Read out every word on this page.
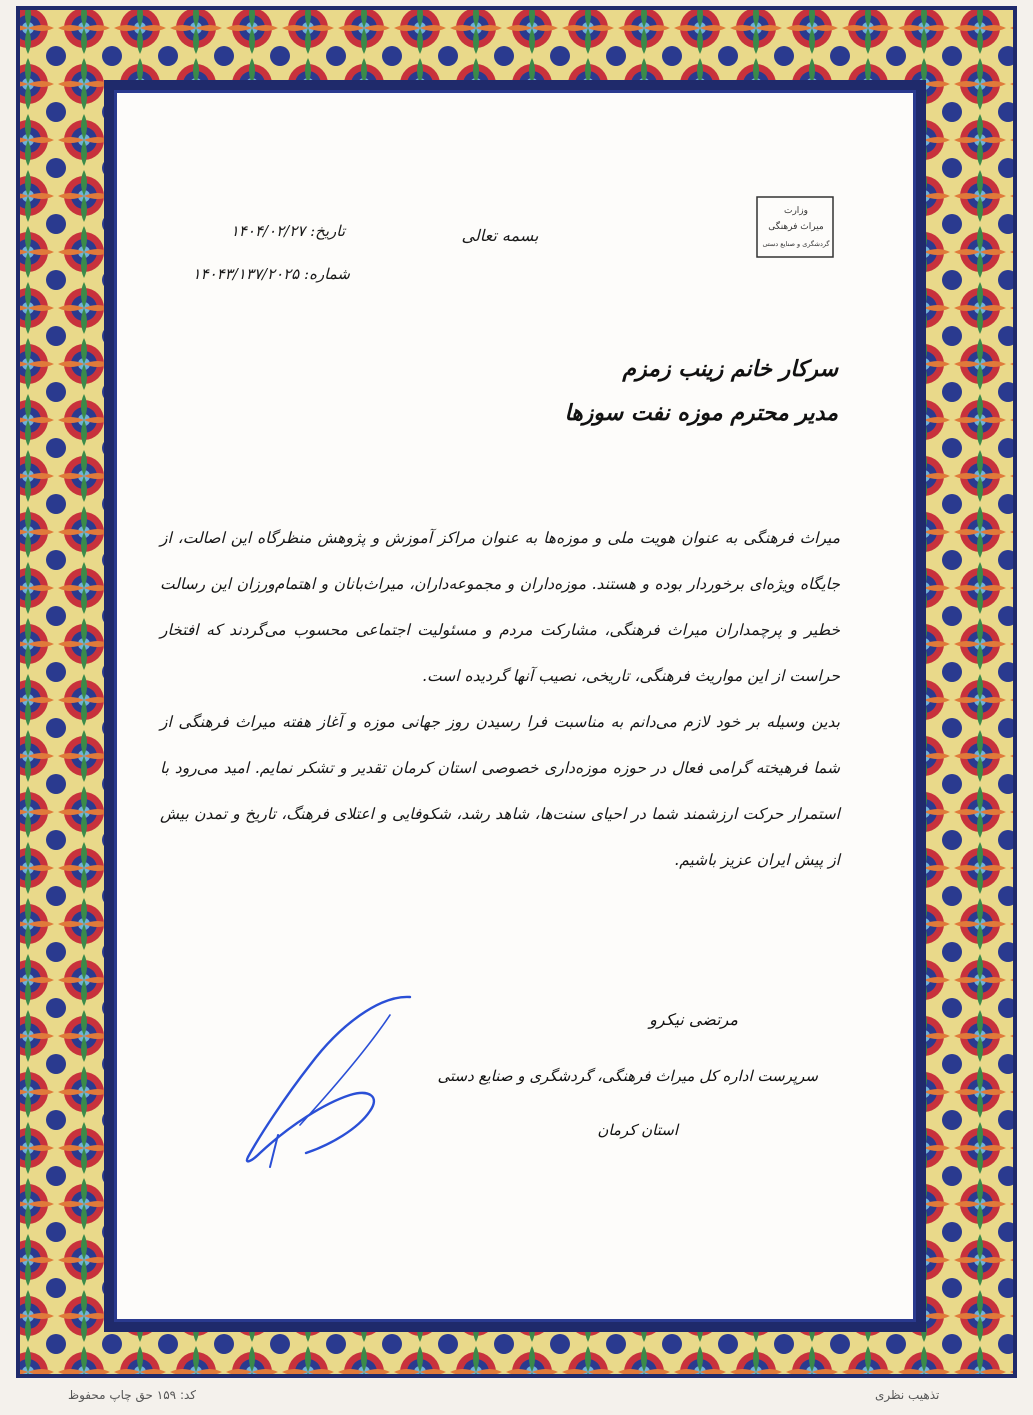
وزارت
میراث فرهنگی
گردشگری و صنایع دستی
بسمه تعالی
تاریخ: ۱۴۰۴/۰۲/۲۷
شماره: ۱۴۰۴۳/۱۳۷/۲۰۲۵
سرکار خانم زینب زمزم
مدیر محترم موزه نفت سوزها

میراث فرهنگی به عنوان هویت ملی و موزه‌ها به عنوان مراکز آموزش و پژوهش منظرگاه این اصالت، از جایگاه ویژه‌ای برخوردار بوده و هستند. موزه‌داران و مجموعه‌داران، میراث‌بانان و اهتمام‌ورزان این رسالت خطیر و پرچمداران میراث فرهنگی، مشارکت مردم و مسئولیت اجتماعی محسوب می‌گردند که افتخار حراست از این مواریث فرهنگی، تاریخی، نصیب آنها گردیده است.

بدین وسیله بر خود لازم می‌دانم به مناسبت فرا رسیدن روز جهانی موزه و آغاز هفته میراث فرهنگی از شما فرهیخته گرامی فعال در حوزه موزه‌داری خصوصی استان کرمان تقدیر و تشکر نمایم. امید می‌رود با استمرار حرکت ارزشمند شما در احیای سنت‌ها، شاهد رشد، شکوفایی و اعتلای فرهنگ، تاریخ و تمدن بیش از پیش ایران عزیز باشیم.

مرتضی نیکرو
سرپرست اداره کل میراث فرهنگی، گردشگری و صنایع دستی
استان کرمان
کد: ۱۵۹ حق چاپ محفوظ	تذهیب نظری
